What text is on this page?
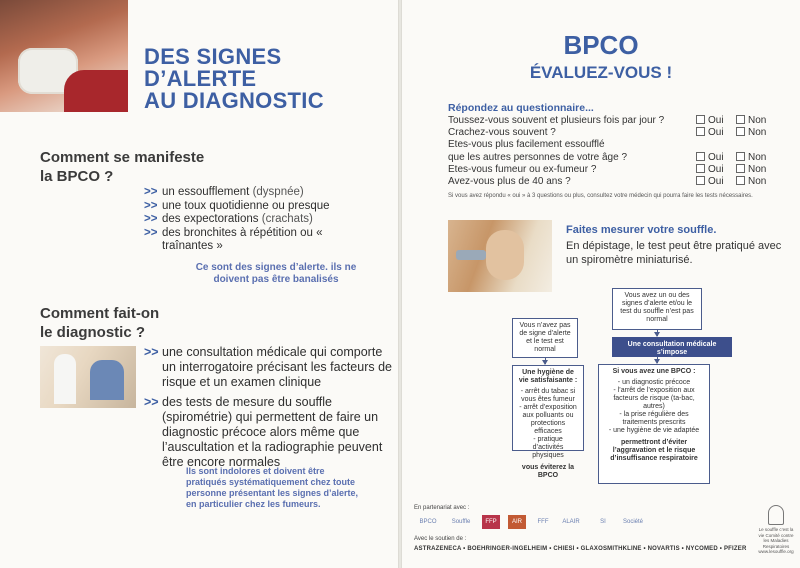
DES SIGNES
D’ALERTE
AU DIAGNOSTIC
Comment se manifeste
la BPCO ?
>> un essoufflement (dyspnée)
>> une toux quotidienne ou presque
>> des expectorations (crachats)
>> des bronchites à répétition ou « traînantes »
Ce sont des signes d’alerte. ils ne doivent pas être banalisés
Comment fait-on
le diagnostic ?
>> une consultation médicale qui comporte un interrogatoire précisant les facteurs de risque et un examen clinique
>> des tests de mesure du souffle (spirométrie) qui permettent de faire un diagnostic précoce alors même que l’auscultation et la radiographie peuvent être encore normales
Ils sont indolores et doivent être pratiqués systématiquement chez toute personne présentant les signes d’alerte, en particulier chez les fumeurs.
BPCO
ÉVALUEZ-VOUS !
Répondez au questionnaire...
Toussez-vous souvent et plusieurs fois par jour ?	Oui	Non
Crachez-vous souvent ?	Oui	Non
Etes-vous plus facilement essoufflé
que les autres personnes de votre âge ?	Oui	Non
Etes-vous fumeur ou ex-fumeur ?	Oui	Non
Avez-vous plus de 40 ans ?	Oui	Non
Si vous avez répondu « oui » à 3 questions ou plus, consultez votre médecin qui pourra faire les tests nécessaires.
Faites mesurer votre souffle.
En dépistage, le test peut être pratiqué avec un spiromètre miniaturisé.
Vous avez un ou des signes d’alerte et/ou le test du souffle n’est pas normal
Une consultation médicale s’impose
Vous n’avez pas de signe d’alerte et le test est normal
Une hygiène de vie satisfaisante :
- arrêt du tabac si vous êtes fumeur
- arrêt d’exposition aux polluants ou protections efficaces
- pratique d’activités physiques
vous éviterez la BPCO
Si vous avez une BPCO :
- un diagnostic précoce
- l’arrêt de l’exposition aux facteurs de risque (ta-bac, autres)
- la prise régulière des traitements prescrits
- une hygiène de vie adaptée
permettront d’éviter l’aggravation et le risque d’insuffisance respiratoire
En partenariat avec :
BPCO	Souffle	FFP	AIR	FFF	ALAIR	SI	Société
Avec le soutien de :
ASTRAZENECA • BOEHRINGER-INGELHEIM • CHIESI • GLAXOSMITHKLINE • NOVARTIS • NYCOMED • PFIZER
Le souffle c’est la vie Comité contre les Maladies Respiratoires www.lesouffle.org
